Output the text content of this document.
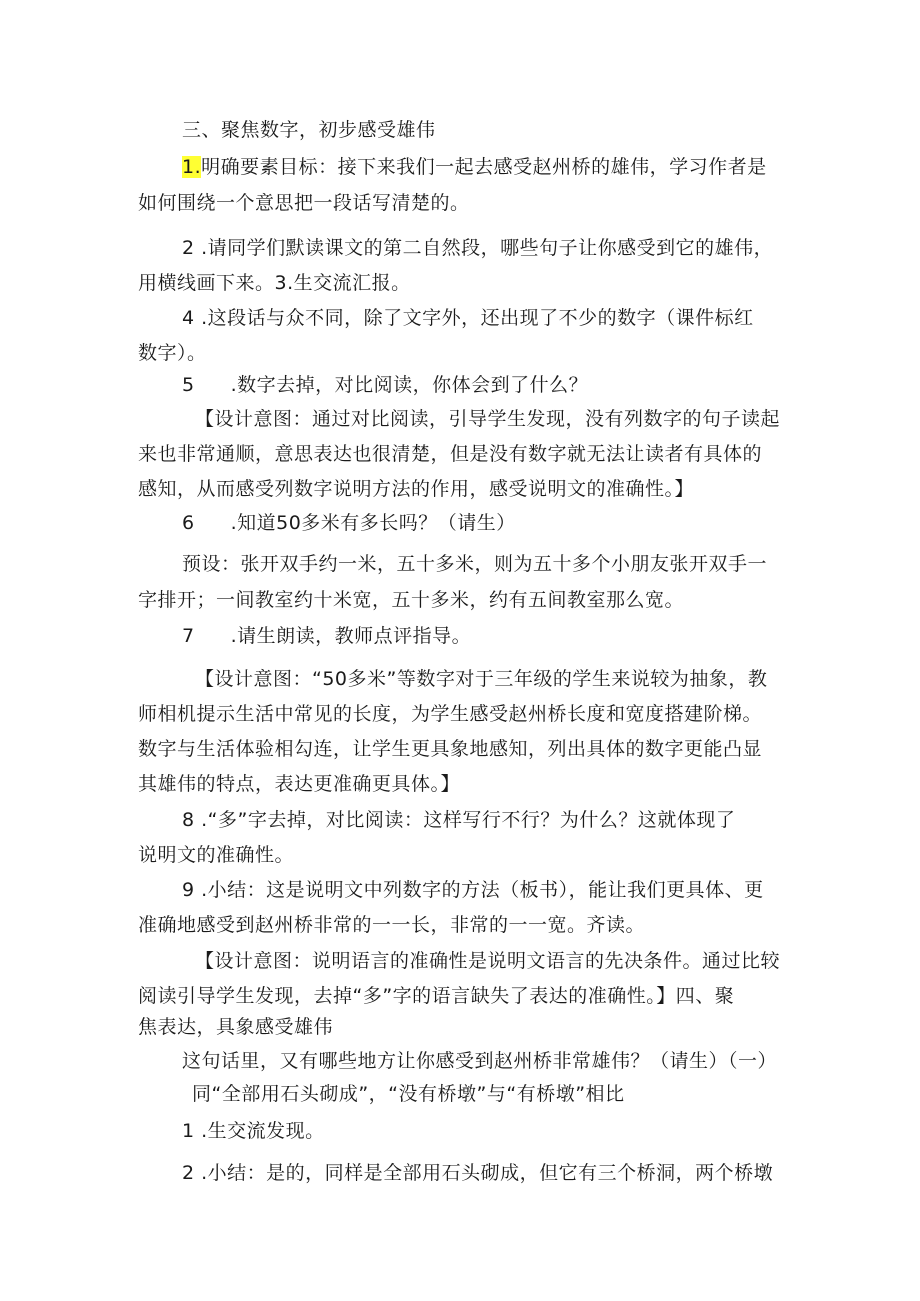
三、聚焦数字，初步感受雄伟
1.明确要素目标：接下来我们一起去感受赵州桥的雄伟，学习作者是
如何围绕一个意思把一段话写清楚的。
2 .请同学们默读课文的第二自然段，哪些句子让你感受到它的雄伟，
用横线画下来。3.生交流汇报。
4 .这段话与众不同，除了文字外，还出现了不少的数字（课件标红
数字）。
5 .数字去掉，对比阅读，你体会到了什么？
【设计意图：通过对比阅读，引导学生发现，没有列数字的句子读起
来也非常通顺，意思表达也很清楚，但是没有数字就无法让读者有具体的
感知，从而感受列数字说明方法的作用，感受说明文的准确性。】
6 .知道50多米有多长吗？（请生）
预设：张开双手约一米，五十多米，则为五十多个小朋友张开双手一
字排开；一间教室约十米宽，五十多米，约有五间教室那么宽。
7 .请生朗读，教师点评指导。
【设计意图：“50多米”等数字对于三年级的学生来说较为抽象，教
师相机提示生活中常见的长度，为学生感受赵州桥长度和宽度搭建阶梯。
数字与生活体验相勾连，让学生更具象地感知，列出具体的数字更能凸显
其雄伟的特点，表达更准确更具体。】
8 .“多”字去掉，对比阅读：这样写行不行？为什么？这就体现了
说明文的准确性。
9 .小结：这是说明文中列数字的方法（板书），能让我们更具体、更
准确地感受到赵州桥非常的一一长，非常的一一宽。齐读。
【设计意图：说明语言的准确性是说明文语言的先决条件。通过比较
阅读引导学生发现，去掉“多”字的语言缺失了表达的准确性。】四、聚
焦表达，具象感受雄伟
这句话里，又有哪些地方让你感受到赵州桥非常雄伟？（请生）（一）
同“全部用石头砌成”，“没有桥墩”与“有桥墩”相比
1 .生交流发现。
2 .小结：是的，同样是全部用石头砌成，但它有三个桥洞，两个桥墩
